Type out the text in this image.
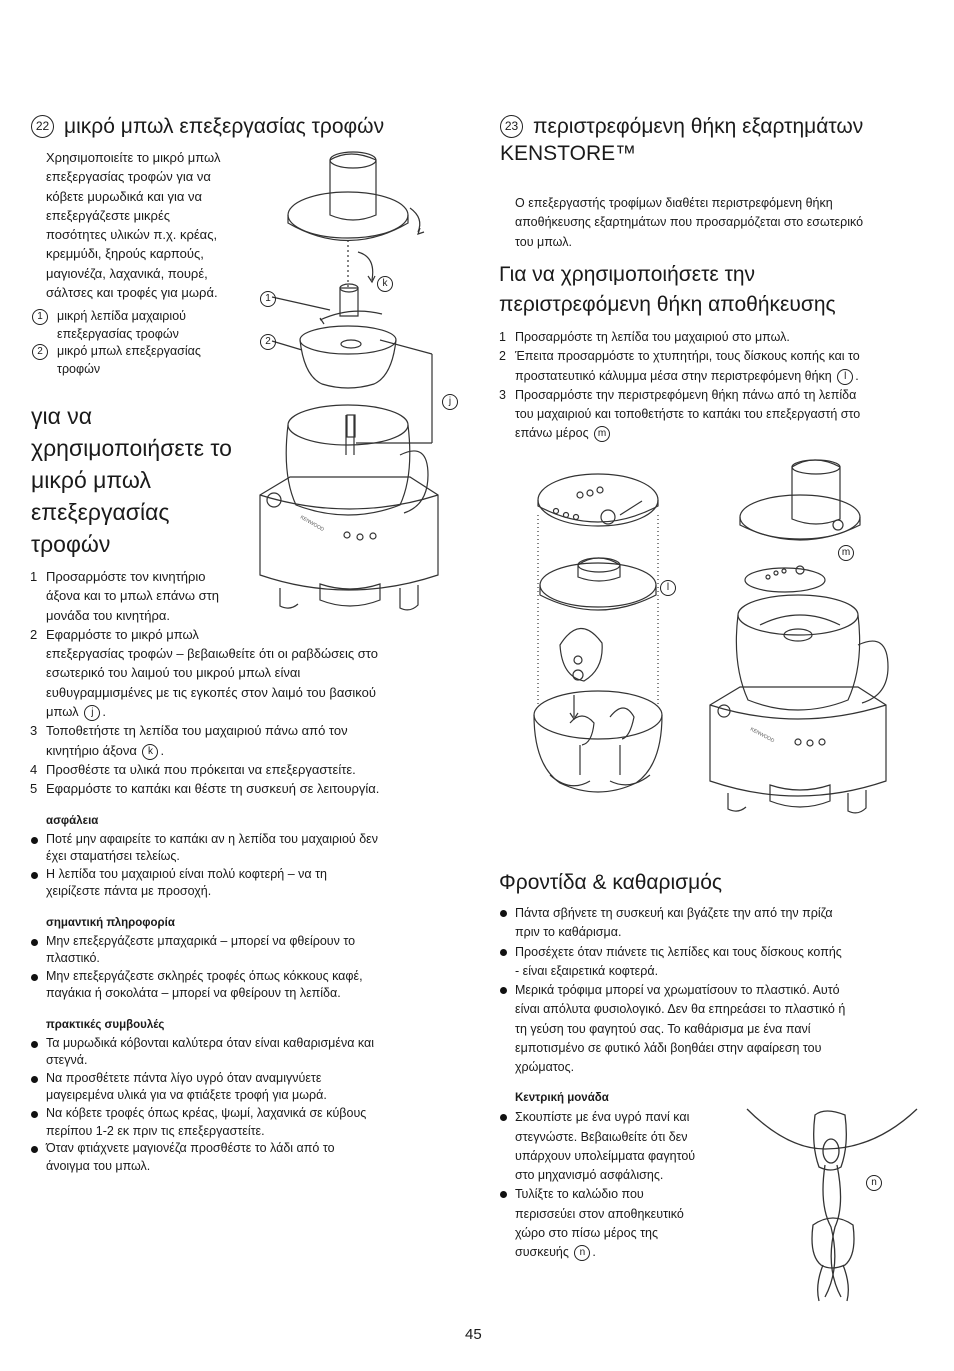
22 μικρό μπωλ επεξεργασίας τροφών
Χρησιμοποιείτε το μικρό μπωλ
επεξεργασίας τροφών για να
κόβετε μυρωδικά και για να
επεξεργάζεστε μικρές
ποσότητες υλικών π.χ. κρέας,
κρεμμύδι, ξηρούς καρπούς,
μαγιονέζα, λαχανικά, πουρέ,
σάλτσες και τροφές για μωρά.
1	μικρή λεπίδα μαχαιριού
επεξεργασίας τροφών
2	μικρό μπωλ επεξεργασίας
τροφών
για να
χρησιμοποιήσετε το
μικρό μπωλ
επεξεργασίας
τροφών
1 Προσαρμόστε τον κινητήριο
άξονα και το μπωλ επάνω στη
μονάδα του κινητήρα.
2 Εφαρμόστε το μικρό μπωλ
επεξεργασίας τροφών – βεβαιωθείτε ότι οι ραβδώσεις στο
εσωτερικό του λαιμού του μικρού μπωλ είναι
ευθυγραμμισμένες με τις εγκοπές στον λαιμό του βασικού
μπωλ j .
3 Τοποθετήστε τη λεπίδα του μαχαιριού πάνω από τον
κινητήριο άξονα k .
4 Προσθέστε τα υλικά που πρόκειται να επεξεργαστείτε.
5 Εφαρμόστε το καπάκι και θέστε τη συσκευή σε λειτουργία.
ασφάλεια
Ποτέ μην αφαιρείτε το καπάκι αν η λεπίδα του μαχαιριού δεν
έχει σταματήσει τελείως.
Η λεπίδα του μαχαιριού είναι πολύ κοφτερή – να τη
χειρίζεστε πάντα με προσοχή.
σημαντική πληροφορία
Μην επεξεργάζεστε μπαχαρικά – μπορεί να φθείρουν το
πλαστικό.
Μην επεξεργάζεστε σκληρές τροφές όπως κόκκους καφέ,
παγάκια ή σοκολάτα – μπορεί να φθείρουν τη λεπίδα.
πρακτικές συμβουλές
Τα μυρωδικά κόβονται καλύτερα όταν είναι καθαρισμένα και
στεγνά.
Να προσθέτετε πάντα λίγο υγρό όταν αναμιγνύετε
μαγειρεμένα υλικά για να φτιάξετε τροφή για μωρά.
Να κόβετε τροφές όπως κρέας, ψωμί, λαχανικά σε κύβους
περίπου 1-2 εκ πριν τις επεξεργαστείτε.
Όταν φτιάχνετε μαγιονέζα προσθέστε το λάδι από το
άνοιγμα του μπωλ.
KENWOOD
k
1
2
j
23 περιστρεφόμενη θήκη εξαρτημάτων
KENSTORE™
Ο επεξεργαστής τροφίμων διαθέτει περιστρεφόμενη θήκη
αποθήκευσης εξαρτημάτων που προσαρμόζεται στο εσωτερικό
του μπωλ.
Για να χρησιμοποιήσετε την
περιστρεφόμενη θήκη αποθήκευσης
1 Προσαρμόστε τη λεπίδα του μαχαιριού στο μπωλ.
2 Έπειτα προσαρμόστε το χτυπητήρι, τους δίσκους κοπής και το
προστατευτικό κάλυμμα μέσα στην περιστρεφόμενη θήκη l .
3 Προσαρμόστε την περιστρεφόμενη θήκη πάνω από τη λεπίδα
του μαχαιριού και τοποθετήστε το καπάκι του επεξεργαστή στο
επάνω μέρος m
KENWOOD
l
m
Φροντίδα & καθαρισμός
Πάντα σβήνετε τη συσκευή και βγάζετε την από την πρίζα
πριν το καθάρισμα.
Προσέχετε όταν πιάνετε τις λεπίδες και τους δίσκους κοπής
- είναι εξαιρετικά κοφτερά.
Μερικά τρόφιμα μπορεί να χρωματίσουν το πλαστικό. Αυτό
είναι απόλυτα φυσιολογικό. Δεν θα επηρεάσει το πλαστικό ή
τη γεύση του φαγητού σας. Το καθάρισμα με ένα πανί
εμποτισμένο σε φυτικό λάδι βοηθάει στην αφαίρεση του
χρώματος.
Κεντρική μονάδα
Σκουπίστε με ένα υγρό πανί και
στεγνώστε. Βεβαιωθείτε ότι δεν
υπάρχουν υπολείμματα φαγητού
στο μηχανισμό ασφάλισης.
Τυλίξτε το καλώδιο που
περισσεύει στον αποθηκευτικό
χώρο στο πίσω μέρος της
συσκευής n .
n
45
